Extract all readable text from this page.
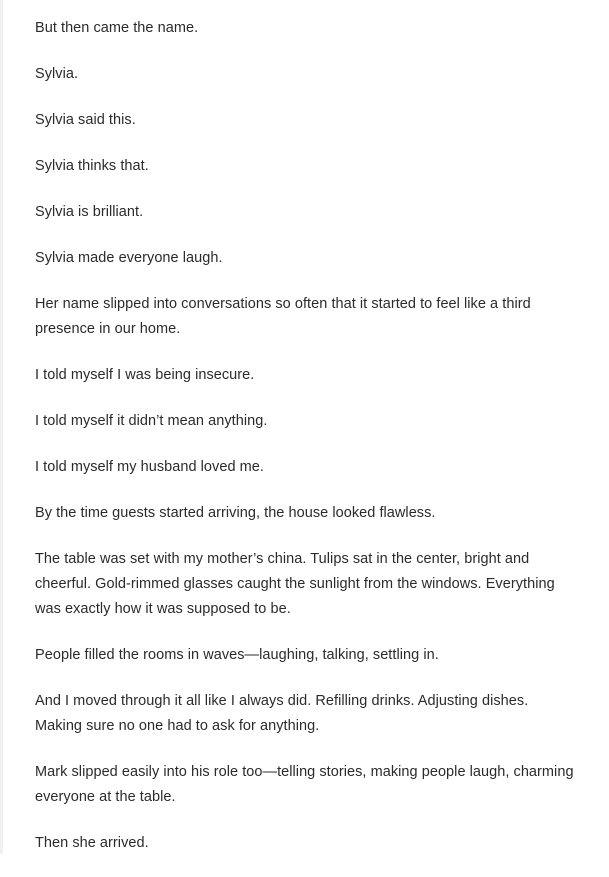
But then came the name.

Sylvia.

Sylvia said this.

Sylvia thinks that.

Sylvia is brilliant.

Sylvia made everyone laugh.

Her name slipped into conversations so often that it started to feel like a third presence in our home.

I told myself I was being insecure.

I told myself it didn’t mean anything.

I told myself my husband loved me.

By the time guests started arriving, the house looked flawless.

The table was set with my mother’s china. Tulips sat in the center, bright and cheerful. Gold-rimmed glasses caught the sunlight from the windows. Everything was exactly how it was supposed to be.

People filled the rooms in waves—laughing, talking, settling in.

And I moved through it all like I always did. Refilling drinks. Adjusting dishes. Making sure no one had to ask for anything.

Mark slipped easily into his role too—telling stories, making people laugh, charming everyone at the table.

Then she arrived.
